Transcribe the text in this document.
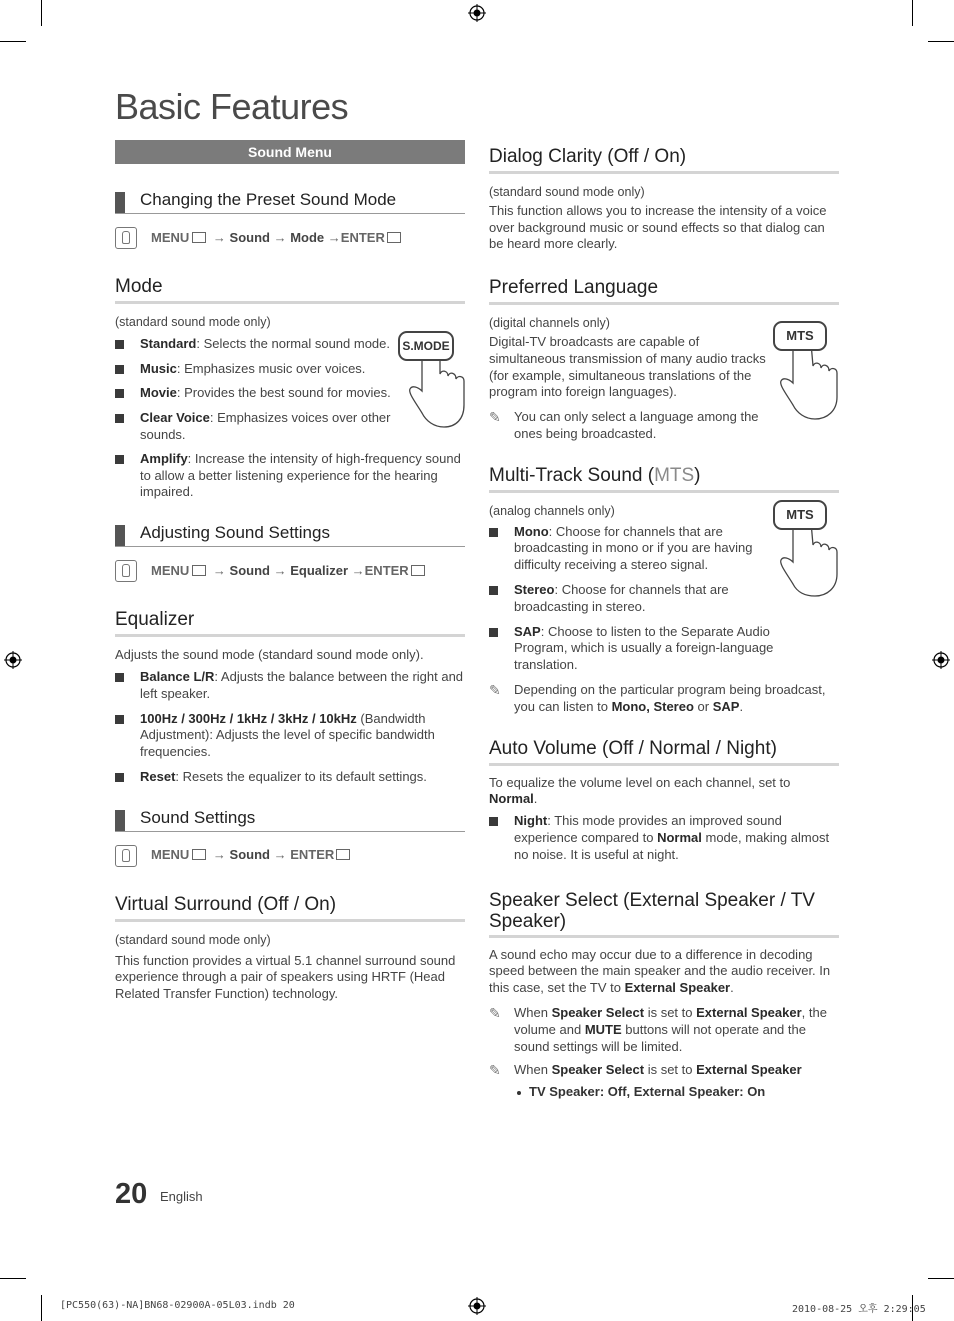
Basic Features
Sound Menu
Changing the Preset Sound Mode
MENU → Sound → Mode →ENTER
Mode
(standard sound mode only)
Standard: Selects the normal sound mode.
Music: Emphasizes music over voices.
Movie: Provides the best sound for movies.
Clear Voice: Emphasizes voices over other sounds.
Amplify: Increase the intensity of high-frequency sound to allow a better listening experience for the hearing impaired.
Adjusting Sound Settings
MENU → Sound → Equalizer →ENTER
Equalizer
Adjusts the sound mode (standard sound mode only).
Balance L/R: Adjusts the balance between the right and left speaker.
100Hz / 300Hz / 1kHz / 3kHz / 10kHz (Bandwidth Adjustment): Adjusts the level of specific bandwidth frequencies.
Reset: Resets the equalizer to its default settings.
Sound Settings
MENU → Sound → ENTER
Virtual Surround (Off / On)
(standard sound mode only)
This function provides a virtual 5.1 channel surround sound experience through a pair of speakers using HRTF (Head Related Transfer Function) technology.
S.MODE
Dialog Clarity (Off / On)
(standard sound mode only)
This function allows you to increase the intensity of a voice over background music or sound effects so that dialog can be heard more clearly.
Preferred Language
(digital channels only)
Digital-TV broadcasts are capable of simultaneous transmission of many audio tracks (for example, simultaneous translations of the program into foreign languages).
✎ You can only select a language among the ones being broadcasted.
Multi-Track Sound (MTS)
(analog channels only)
Mono: Choose for channels that are broadcasting in mono or if you are having difficulty receiving a stereo signal.
Stereo: Choose for channels that are broadcasting in stereo.
SAP: Choose to listen to the Separate Audio Program, which is usually a foreign-language translation.
✎ Depending on the particular program being broadcast, you can listen to Mono, Stereo or SAP.
Auto Volume (Off / Normal / Night)
To equalize the volume level on each channel, set to Normal.
Night: This mode provides an improved sound experience compared to Normal mode, making almost no noise. It is useful at night.
Speaker Select (External Speaker / TV Speaker)
A sound echo may occur due to a difference in decoding speed between the main speaker and the audio receiver. In this case, set the TV to External Speaker.
✎ When Speaker Select is set to External Speaker, the volume and MUTE buttons will not operate and the sound settings will be limited.
✎ When Speaker Select is set to External Speaker
TV Speaker: Off, External Speaker: On
MTS
MTS
20 English
[PC550(63)-NA]BN68-02900A-05L03.indb 20	2010-08-25 오후 2:29:05
